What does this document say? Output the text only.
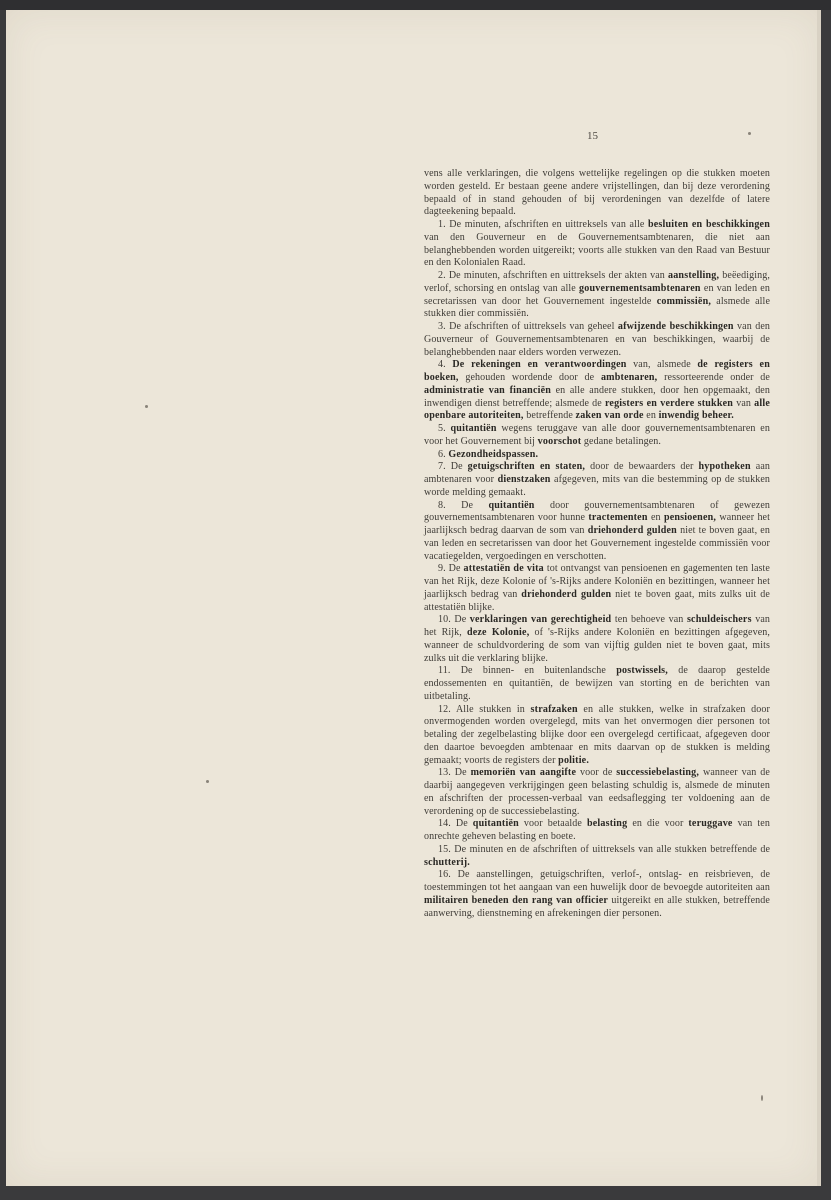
15

vens alle verklaringen, die volgens wettelijke regelingen op die stukken moeten worden gesteld. Er bestaan geene andere vrijstellingen, dan bij deze verordening bepaald of in stand gehouden of bij verordeningen van dezelfde of latere dagteekening bepaald.

1. De minuten, afschriften en uittreksels van alle besluiten en beschikkingen van den Gouverneur en de Gouvernementsambtenaren, die niet aan belanghebbenden worden uitgereikt; voorts alle stukken van den Raad van Bestuur en den Kolonialen Raad.

2. De minuten, afschriften en uittreksels der akten van aanstelling, beëediging, verlof, schorsing en ontslag van alle gouvernementsambtenaren en van leden en secretarissen van door het Gouvernement ingestelde commissiën, alsmede alle stukken dier commissiën.

3. De afschriften of uittreksels van geheel afwijzende beschikkingen van den Gouverneur of Gouvernementsambtenaren en van beschikkingen, waarbij de belanghebbenden naar elders worden verwezen.

4. De rekeningen en verantwoordingen van, alsmede de registers en boeken, gehouden wordende door de ambtenaren, ressorteerende onder de administratie van financiën en alle andere stukken, door hen opgemaakt, den inwendigen dienst betreffende; alsmede de registers en verdere stukken van alle openbare autoriteiten, betreffende zaken van orde en inwendig beheer.

5. quitantiën wegens teruggave van alle door gouvernementsambtenaren en voor het Gouvernement bij voorschot gedane betalingen.

6. Gezondheidspassen.

7. De getuigschriften en staten, door de bewaarders der hypotheken aan ambtenaren voor dienstzaken afgegeven, mits van die bestemming op de stukken worde melding gemaakt.

8. De quitantiën door gouvernementsambtenaren of gewezen gouvernementsambtenaren voor hunne tractementen en pensioenen, wanneer het jaarlijksch bedrag daarvan de som van driehonderd gulden niet te boven gaat, en van leden en secretarissen van door het Gouvernement ingestelde commissiën voor vacatiegelden, vergoedingen en verschotten.

9. De attestatiën de vita tot ontvangst van pensioenen en gagementen ten laste van het Rijk, deze Kolonie of 's-Rijks andere Koloniën en bezittingen, wanneer het jaarlijksch bedrag van driehonderd gulden niet te boven gaat, mits zulks uit de attestatiën blijke.

10. De verklaringen van gerechtigheid ten behoeve van schuldeischers van het Rijk, deze Kolonie, of 's-Rijks andere Koloniën en bezittingen afgegeven, wanneer de schuldvordering de som van vijftig gulden niet te boven gaat, mits zulks uit die verklaring blijke.

11. De binnen- en buitenlandsche postwissels, de daarop gestelde endossementen en quitantiën, de bewijzen van storting en de berichten van uitbetaling.

12. Alle stukken in strafzaken en alle stukken, welke in strafzaken door onvermogenden worden overgelegd, mits van het onvermogen dier personen tot betaling der zegelbelasting blijke door een overgelegd certificaat, afgegeven door den daartoe bevoegden ambtenaar en mits daarvan op de stukken is melding gemaakt; voorts de registers der politie.

13. De memoriën van aangifte voor de successiebelasting, wanneer van de daarbij aangegeven verkrijgingen geen belasting schuldig is, alsmede de minuten en afschriften der processen-verbaal van eedsaflegging ter voldoening aan de verordening op de successiebelasting.

14. De quitantiën voor betaalde belasting en die voor teruggave van ten onrechte geheven belasting en boete.

15. De minuten en de afschriften of uittreksels van alle stukken betreffende de schutterij.

16. De aanstellingen, getuigschriften, verlof-, ontslag- en reisbrieven, de toestemmingen tot het aangaan van een huwelijk door de bevoegde autoriteiten aan militairen beneden den rang van officier uitgereikt en alle stukken, betreffende aanwerving, dienstneming en afrekeningen dier personen.
